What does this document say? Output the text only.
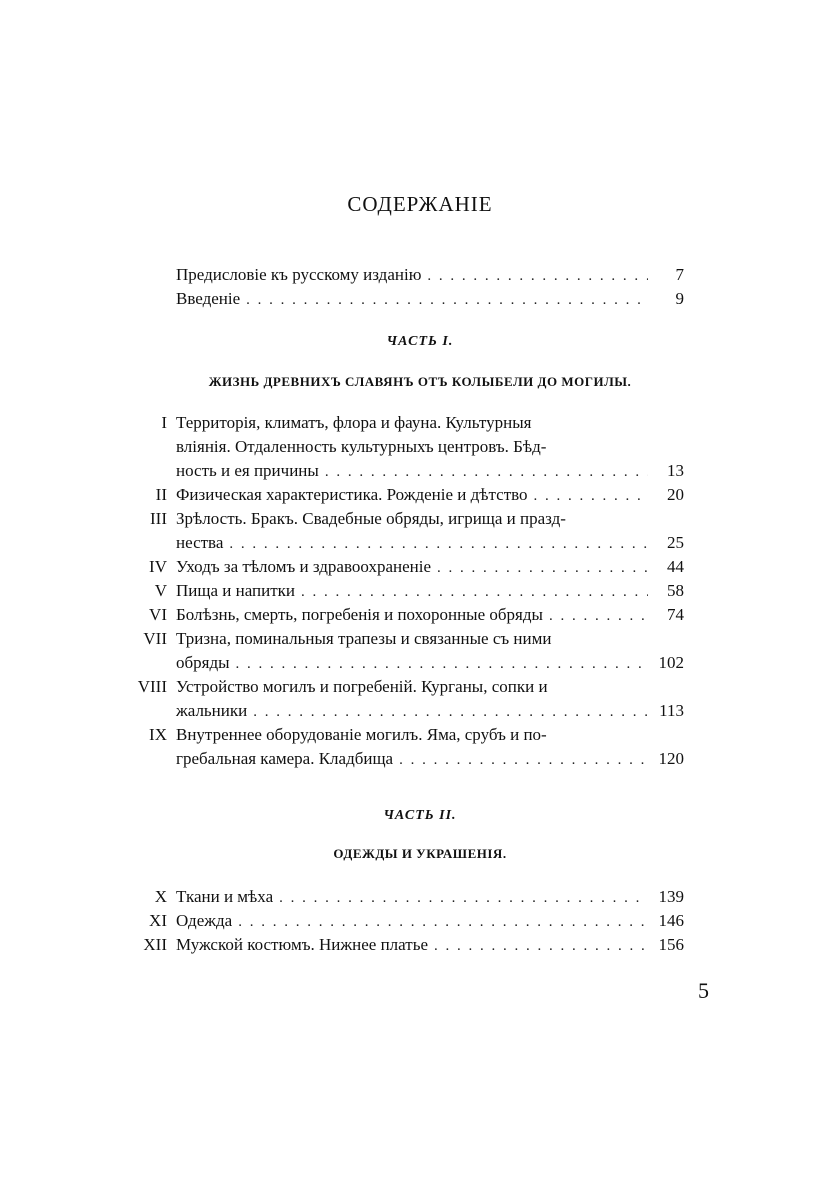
СОДЕРЖАНIЕ
Предисловiе къ русскому изданiю . . .	7
Введенiе . . .	9
ЧАСТЬ I.
ЖИЗНЬ ДРЕВНИХЪ СЛАВЯНЪ ОТЪ КОЛЫБЕЛИ ДО МОГИЛЫ.
I Территорiя, климатъ, флора и фауна. Культурныя
влiянiя. Отдаленность культурныхъ центровъ. Бѣд-
ность и ея причины . . .	13
II Физическая характеристика. Рожденiе и дѣтство . . .	20
III Зрѣлость. Бракъ. Свадебные обряды, игрища и празд-
нества . . .	25
IV Уходъ за тѣломъ и здравоохраненiе . . .	44
V Пища и напитки . . .	58
VI Болѣзнь, смерть, погребенiя и похоронные обряды . . .	74
VII Тризна, поминальныя трапезы и связанные съ ними
обряды . . .	102
VIII Устройство могилъ и погребенiй. Курганы, сопки и
жальники . . .	113
IX Внутреннее оборудованiе могилъ. Яма, срубъ и по-
гребальная камера. Кладбища . . .	120
ЧАСТЬ II.
ОДЕЖДЫ И УКРАШЕНIЯ.
X Ткани и мѣха . . .	139
XI Одежда . . .	146
XII Мужской костюмъ. Нижнее платье . . .	156
5
